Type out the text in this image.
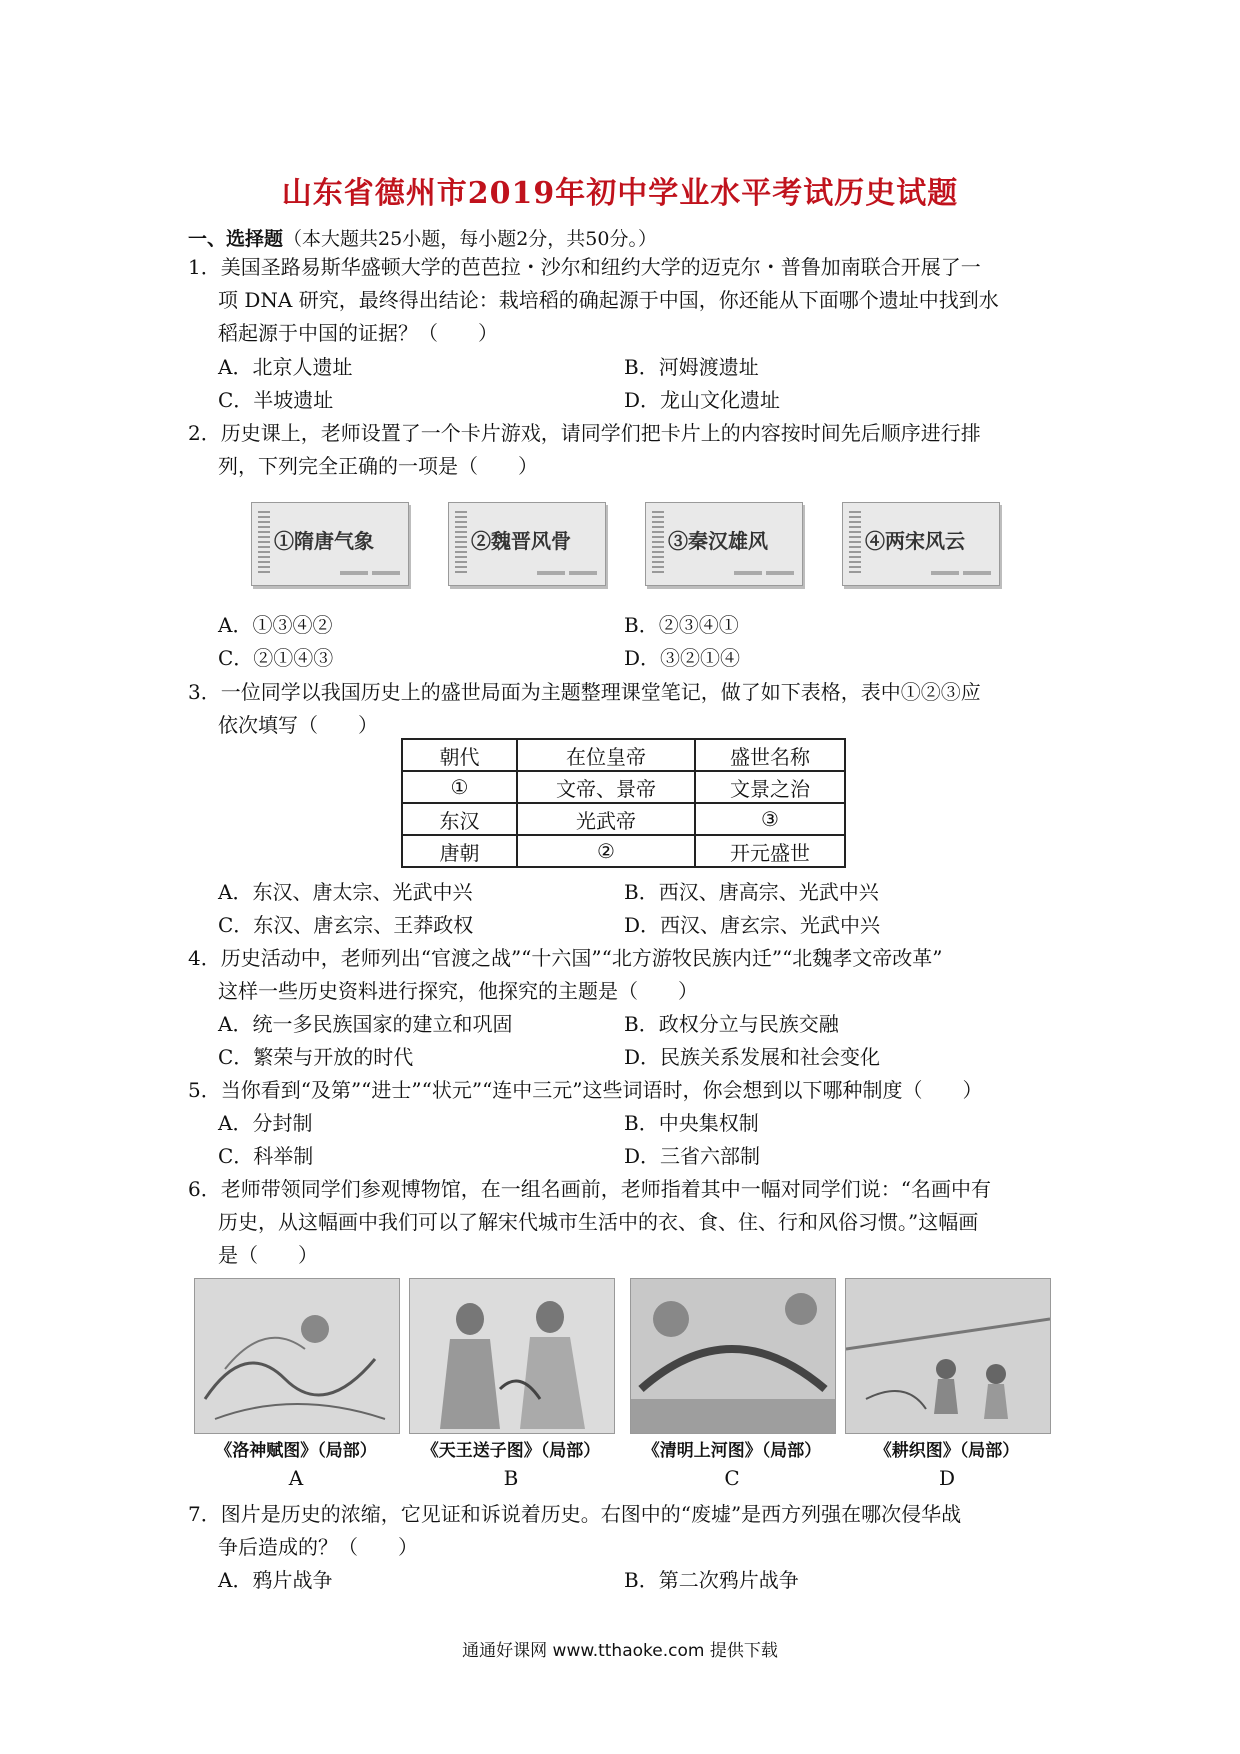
山东省德州市2019年初中学业水平考试历史试题
一、选择题（本大题共25小题，每小题2分，共50分。）
1．美国圣路易斯华盛顿大学的芭芭拉・沙尔和纽约大学的迈克尔・普鲁加南联合开展了一
项 DNA 研究，最终得出结论：栽培稻的确起源于中国，你还能从下面哪个遗址中找到水
稻起源于中国的证据？（　　）
A．北京人遗址	B．河姆渡遗址
C．半坡遗址	D．龙山文化遗址
2．历史课上，老师设置了一个卡片游戏，请同学们把卡片上的内容按时间先后顺序进行排
列，下列完全正确的一项是（　　）
①隋唐气象	②魏晋风骨	③秦汉雄风	④两宋风云
A．①③④②	B．②③④①
C．②①④③	D．③②①④
3．一位同学以我国历史上的盛世局面为主题整理课堂笔记，做了如下表格，表中①②③应
依次填写（　　）
朝代	在位皇帝	盛世名称
①	文帝、景帝	文景之治
东汉	光武帝	③
唐朝	②	开元盛世
A．东汉、唐太宗、光武中兴	B．西汉、唐高宗、光武中兴
C．东汉、唐玄宗、王莽政权	D．西汉、唐玄宗、光武中兴
4．历史活动中，老师列出“官渡之战”“十六国”“北方游牧民族内迁”“北魏孝文帝改革”
这样一些历史资料进行探究，他探究的主题是（　　）
A．统一多民族国家的建立和巩固	B．政权分立与民族交融
C．繁荣与开放的时代	D．民族关系发展和社会变化
5．当你看到“及第”“进士”“状元”“连中三元”这些词语时，你会想到以下哪种制度（　　）
A．分封制	B．中央集权制
C．科举制	D．三省六部制
6．老师带领同学们参观博物馆，在一组名画前，老师指着其中一幅对同学们说：“名画中有
历史，从这幅画中我们可以了解宋代城市生活中的衣、食、住、行和风俗习惯。”这幅画
是（　　）
《洛神赋图》（局部）	《天王送子图》（局部）	《清明上河图》（局部）	《耕织图》（局部）
A	B	C	D
7．图片是历史的浓缩，它见证和诉说着历史。右图中的“废墟”是西方列强在哪次侵华战
争后造成的？（　　）
A．鸦片战争	B．第二次鸦片战争
通通好课网 www.tthaoke.com 提供下载
